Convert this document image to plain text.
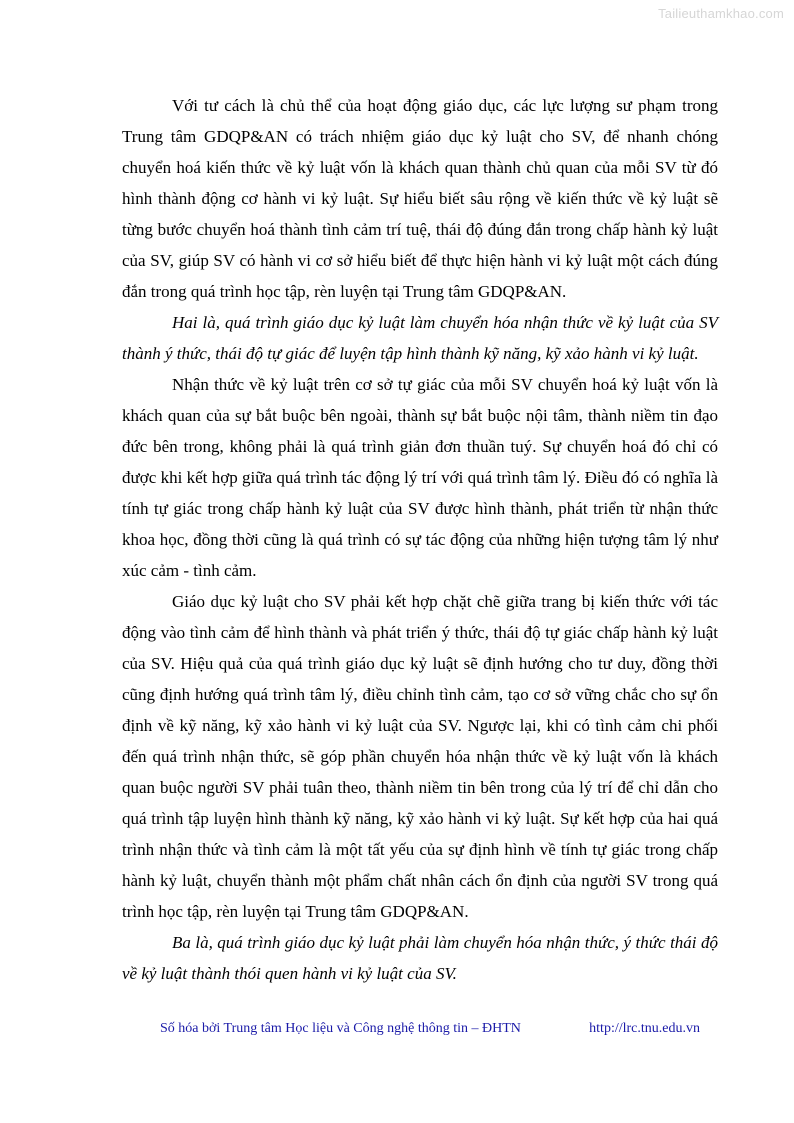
Tailieuthamkhao.com

Với tư cách là chủ thể của hoạt động giáo dục, các lực lượng sư phạm trong Trung tâm GDQP&AN có trách nhiệm giáo dục kỷ luật cho SV, để nhanh chóng chuyển hoá kiến thức về kỷ luật vốn là khách quan thành chủ quan của mỗi SV từ đó hình thành động cơ hành vi kỷ luật. Sự hiểu biết sâu rộng về kiến thức về kỷ luật sẽ từng bước chuyển hoá thành tình cảm trí tuệ, thái độ đúng đắn trong chấp hành kỷ luật của SV, giúp SV có hành vi cơ sở hiểu biết để thực hiện hành vi kỷ luật một cách đúng đắn trong quá trình học tập, rèn luyện tại Trung tâm GDQP&AN.

Hai là, quá trình giáo dục kỷ luật làm chuyển hóa nhận thức về kỷ luật của SV thành ý thức, thái độ tự giác để luyện tập hình thành kỹ năng, kỹ xảo hành vi kỷ luật.

Nhận thức về kỷ luật trên cơ sở tự giác của mỗi SV chuyển hoá kỷ luật vốn là khách quan của sự bắt buộc bên ngoài, thành sự bắt buộc nội tâm, thành niềm tin đạo đức bên trong, không phải là quá trình giản đơn thuần tuý. Sự chuyển hoá đó chỉ có được khi kết hợp giữa quá trình tác động lý trí với quá trình tâm lý. Điều đó có nghĩa là tính tự giác trong chấp hành kỷ luật của SV được hình thành, phát triển từ nhận thức khoa học, đồng thời cũng là quá trình có sự tác động của những hiện tượng tâm lý như xúc cảm - tình cảm.

Giáo dục kỷ luật cho SV phải kết hợp chặt chẽ giữa trang bị kiến thức với tác động vào tình cảm để hình thành và phát triển ý thức, thái độ tự giác chấp hành kỷ luật của SV. Hiệu quả của quá trình giáo dục kỷ luật sẽ định hướng cho tư duy, đồng thời cũng định hướng quá trình tâm lý, điều chỉnh tình cảm, tạo cơ sở vững chắc cho sự ổn định về kỹ năng, kỹ xảo hành vi kỷ luật của SV. Ngược lại, khi có tình cảm chi phối đến quá trình nhận thức, sẽ góp phần chuyển hóa nhận thức về kỷ luật vốn là khách quan buộc người SV phải tuân theo, thành niềm tin bên trong của lý trí để chỉ dẫn cho quá trình tập luyện hình thành kỹ năng, kỹ xảo hành vi kỷ luật. Sự kết hợp của hai quá trình nhận thức và tình cảm là một tất yếu của sự định hình về tính tự giác trong chấp hành kỷ luật, chuyển thành một phẩm chất nhân cách ổn định của người SV trong quá trình học tập, rèn luyện tại Trung tâm GDQP&AN.

Ba là, quá trình giáo dục kỷ luật phải làm chuyển hóa nhận thức, ý thức thái độ về kỷ luật thành thói quen hành vi kỷ luật của SV.

Số hóa bởi Trung tâm Học liệu và Công nghệ thông tin – ĐHTN	http://lrc.tnu.edu.vn
